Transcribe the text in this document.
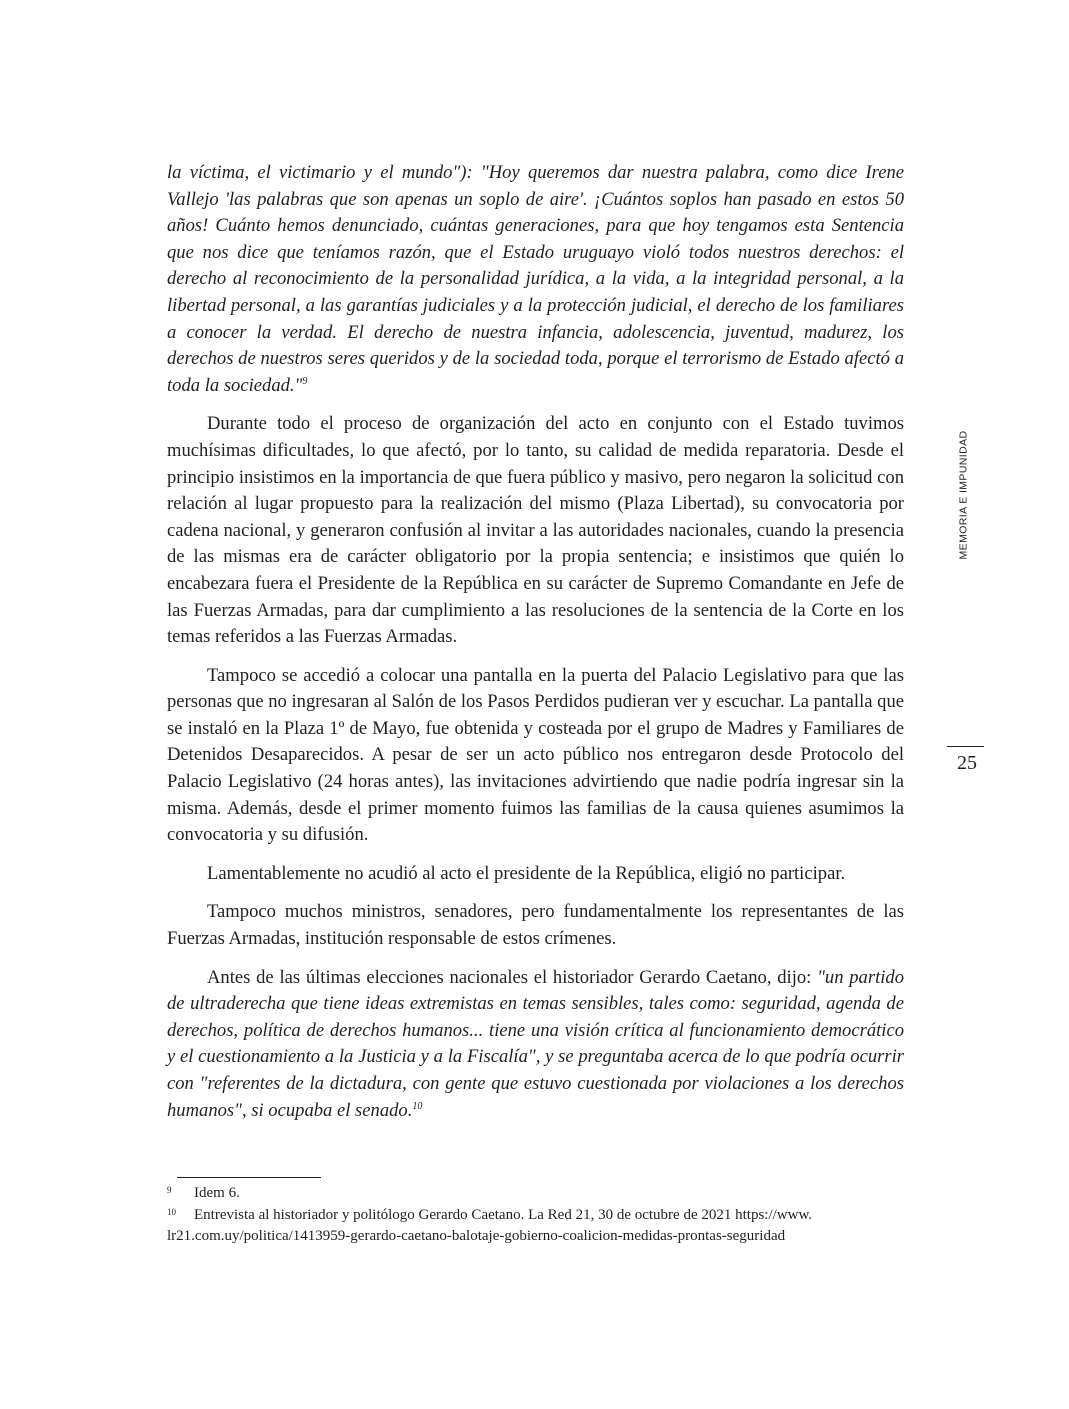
la víctima, el victimario y el mundo"): "Hoy queremos dar nuestra palabra, como dice Irene Vallejo 'las palabras que son apenas un soplo de aire'. ¡Cuántos soplos han pasado en estos 50 años! Cuánto hemos denunciado, cuántas generaciones, para que hoy tengamos esta Sentencia que nos dice que teníamos razón, que el Estado uruguayo violó todos nuestros derechos: el derecho al reconocimiento de la personalidad jurídica, a la vida, a la integridad personal, a la libertad personal, a las garantías judiciales y a la protección judicial, el derecho de los familiares a conocer la verdad. El derecho de nuestra infancia, adolescencia, juventud, madurez, los derechos de nuestros seres queridos y de la sociedad toda, porque el terrorismo de Estado afectó a toda la sociedad."$^9$

Durante todo el proceso de organización del acto en conjunto con el Estado tuvimos muchísimas dificultades, lo que afectó, por lo tanto, su calidad de medida reparatoria. Desde el principio insistimos en la importancia de que fuera público y masivo, pero negaron la solicitud con relación al lugar propuesto para la realización del mismo (Plaza Libertad), su convocatoria por cadena nacional, y generaron confusión al invitar a las autoridades nacionales, cuando la presencia de las mismas era de carácter obligatorio por la propia sentencia; e insistimos que quién lo encabezara fuera el Presidente de la República en su carácter de Supremo Comandante en Jefe de las Fuerzas Armadas, para dar cumplimiento a las resoluciones de la sentencia de la Corte en los temas referidos a las Fuerzas Armadas.

Tampoco se accedió a colocar una pantalla en la puerta del Palacio Legislativo para que las personas que no ingresaran al Salón de los Pasos Perdidos pudieran ver y escuchar. La pantalla que se instaló en la Plaza 1º de Mayo, fue obtenida y costeada por el grupo de Madres y Familiares de Detenidos Desaparecidos. A pesar de ser un acto público nos entregaron desde Protocolo del Palacio Legislativo (24 horas antes), las invitaciones advirtiendo que nadie podría ingresar sin la misma. Además, desde el primer momento fuimos las familias de la causa quienes asumimos la convocatoria y su difusión.

Lamentablemente no acudió al acto el presidente de la República, eligió no participar.

Tampoco muchos ministros, senadores, pero fundamentalmente los representantes de las Fuerzas Armadas, institución responsable de estos crímenes.

Antes de las últimas elecciones nacionales el historiador Gerardo Caetano, dijo: "un partido de ultraderecha que tiene ideas extremistas en temas sensibles, tales como: seguridad, agenda de derechos, política de derechos humanos... tiene una visión crítica al funcionamiento democrático y el cuestionamiento a la Justicia y a la Fiscalía", y se preguntaba acerca de lo que podría ocurrir con "referentes de la dictadura, con gente que estuvo cuestionada por violaciones a los derechos humanos", si ocupaba el senado.$^{10}$

MEMORIA E IMPUNIDAD
25
9	Idem 6.
10	Entrevista al historiador y politólogo Gerardo Caetano. La Red 21, 30 de octubre de 2021 https://www.
lr21.com.uy/politica/1413959-gerardo-caetano-balotaje-gobierno-coalicion-medidas-prontas-seguridad
